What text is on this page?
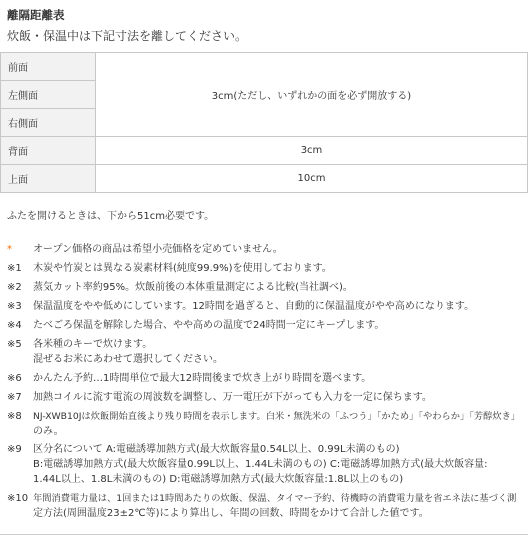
離隔距離表
炊飯・保温中は下記寸法を離してください。
前面	3cm(ただし、いずれかの面を必ず開放する)
左側面	
右側面	
背面	3cm
上面	10cm
ふたを開けるときは、下から51cm必要です。
* オープン価格の商品は希望小売価格を定めていません。
※1 木炭や竹炭とは異なる炭素材料(純度99.9%)を使用しております。
※2 蒸気カット率約95%。炊飯前後の本体重量測定による比較(当社調べ)。
※3 保温温度をやや低めにしています。12時間を過ぎると、自動的に保温温度がやや高めになります。
※4 たべごろ保温を解除した場合、やや高めの温度で24時間一定にキープします。
※5 各米種のキーで炊けます。
混ぜるお米にあわせて選択してください。
※6 かんたん予約…1時間単位で最大12時間後まで炊き上がり時間を選べます。
※7 加熱コイルに流す電流の周波数を調整し、万一電圧が下がっても入力を一定に保ちます。
※8 NJ-XWB10Jは炊飯開始直後より残り時間を表示します。白米・無洗米の「ふつう」「かため」「やわらか」「芳醇炊き」
のみ。
※9 区分名について A:電磁誘導加熱方式(最大炊飯容量0.54L以上、0.99L未満のもの)
B:電磁誘導加熱方式(最大炊飯容量0.99L以上、1.44L未満のもの) C:電磁誘導加熱方式(最大炊飯容量:
1.44L以上、1.8L未満のもの) D:電磁誘導加熱方式(最大炊飯容量:1.8L以上のもの)
※10 年間消費電力量は、1回または1時間あたりの炊飯、保温、タイマー予約、待機時の消費電力量を省エネ法に基づく測
定方法(周囲温度23±2℃等)により算出し、年間の回数、時間をかけて合計した値です。
